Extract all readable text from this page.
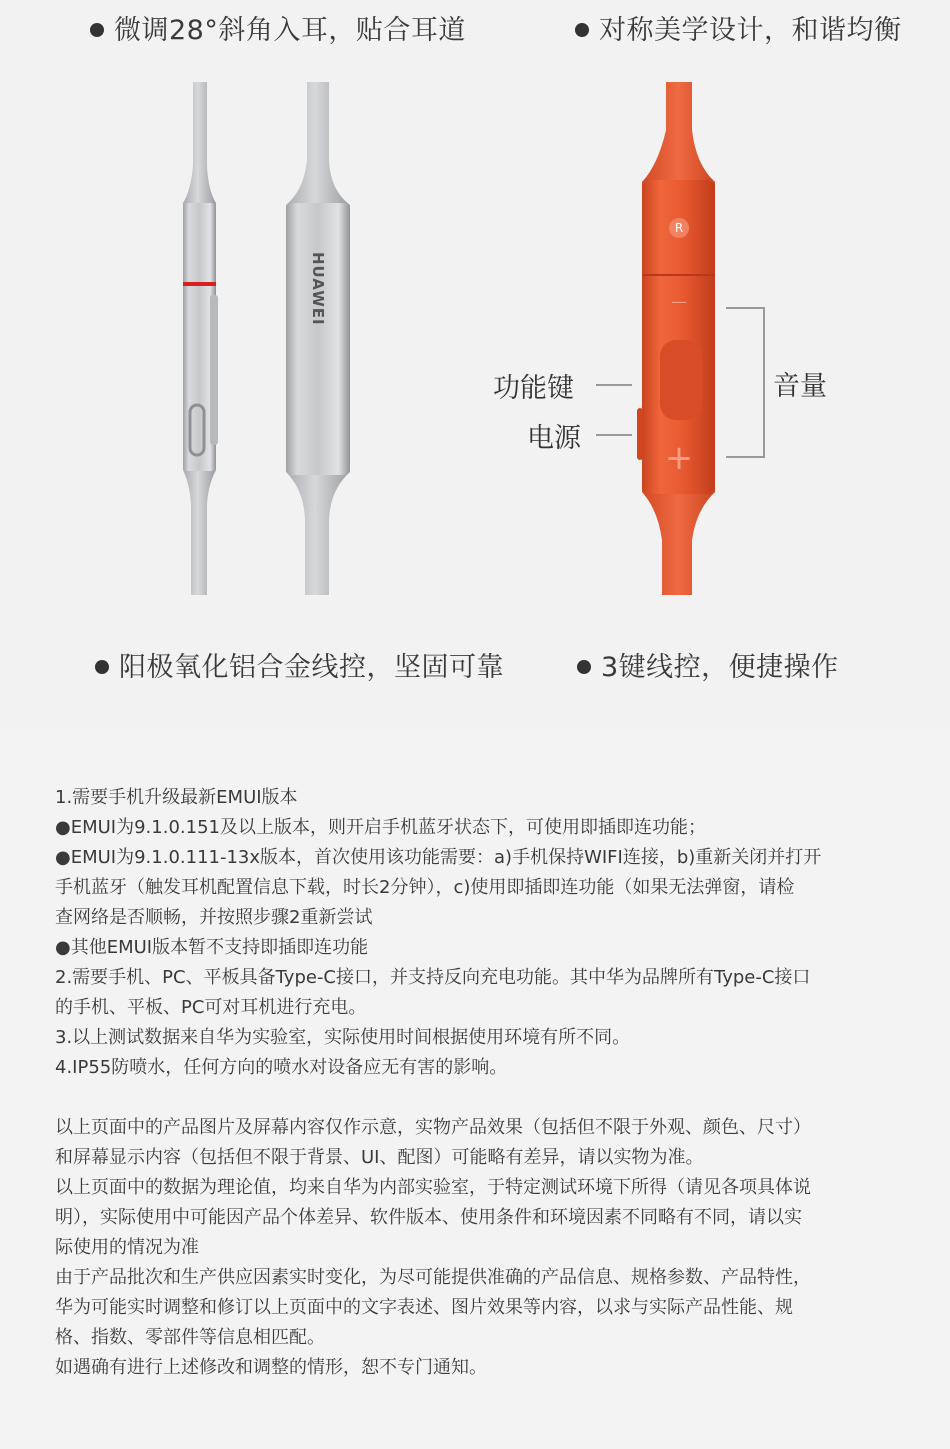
微调28°斜角入耳，贴合耳道	对称美学设计，和谐均衡
HUAWEI
R
—
+
功能键
电源
音量
阳极氧化铝合金线控，坚固可靠	3键线控，便捷操作

1.需要手机升级最新EMUI版本

●EMUI为9.1.0.151及以上版本，则开启手机蓝牙状态下，可使用即插即连功能；

●EMUI为9.1.0.111-13x版本，首次使用该功能需要：a)手机保持WIFI连接，b)重新关闭并打开

手机蓝牙（触发耳机配置信息下载，时长2分钟），c)使用即插即连功能（如果无法弹窗，请检

查网络是否顺畅，并按照步骤2重新尝试

●其他EMUI版本暂不支持即插即连功能

2.需要手机、PC、平板具备Type-C接口，并支持反向充电功能。其中华为品牌所有Type-C接口

的手机、平板、PC可对耳机进行充电。

3.以上测试数据来自华为实验室，实际使用时间根据使用环境有所不同。

4.IP55防喷水，任何方向的喷水对设备应无有害的影响。

以上页面中的产品图片及屏幕内容仅作示意，实物产品效果（包括但不限于外观、颜色、尺寸）

和屏幕显示内容（包括但不限于背景、UI、配图）可能略有差异，请以实物为准。

以上页面中的数据为理论值，均来自华为内部实验室，于特定测试环境下所得（请见各项具体说

明），实际使用中可能因产品个体差异、软件版本、使用条件和环境因素不同略有不同，请以实

际使用的情况为准

由于产品批次和生产供应因素实时变化，为尽可能提供准确的产品信息、规格参数、产品特性，

华为可能实时调整和修订以上页面中的文字表述、图片效果等内容，以求与实际产品性能、规

格、指数、零部件等信息相匹配。

如遇确有进行上述修改和调整的情形，恕不专门通知。
